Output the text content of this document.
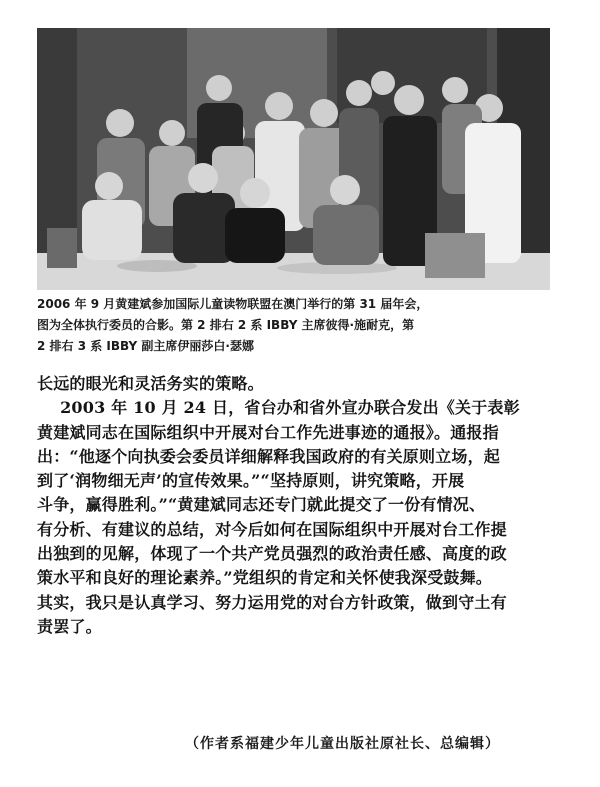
2006 年 9 月黄建斌参加国际儿童读物联盟在澳门举行的第 31 届年会，
图为全体执行委员的合影。第 2 排右 2 系 IBBY 主席彼得·施耐克，第
2 排右 3 系 IBBY 副主席伊丽莎白·瑟娜
长远的眼光和灵活务实的策略。
2003 年 10 月 24 日，省台办和省外宣办联合发出《关于表彰
黄建斌同志在国际组织中开展对台工作先进事迹的通报》。通报指
出：“他逐个向执委会委员详细解释我国政府的有关原则立场，起
到了‘润物细无声’的宣传效果。”“坚持原则，讲究策略，开展
斗争，赢得胜利。”“黄建斌同志还专门就此提交了一份有情况、
有分析、有建议的总结，对今后如何在国际组织中开展对台工作提
出独到的见解，体现了一个共产党员强烈的政治责任感、高度的政
策水平和良好的理论素养。”党组织的肯定和关怀使我深受鼓舞。
其实，我只是认真学习、努力运用党的对台方针政策，做到守土有
责罢了。
（作者系福建少年儿童出版社原社长、总编辑）
